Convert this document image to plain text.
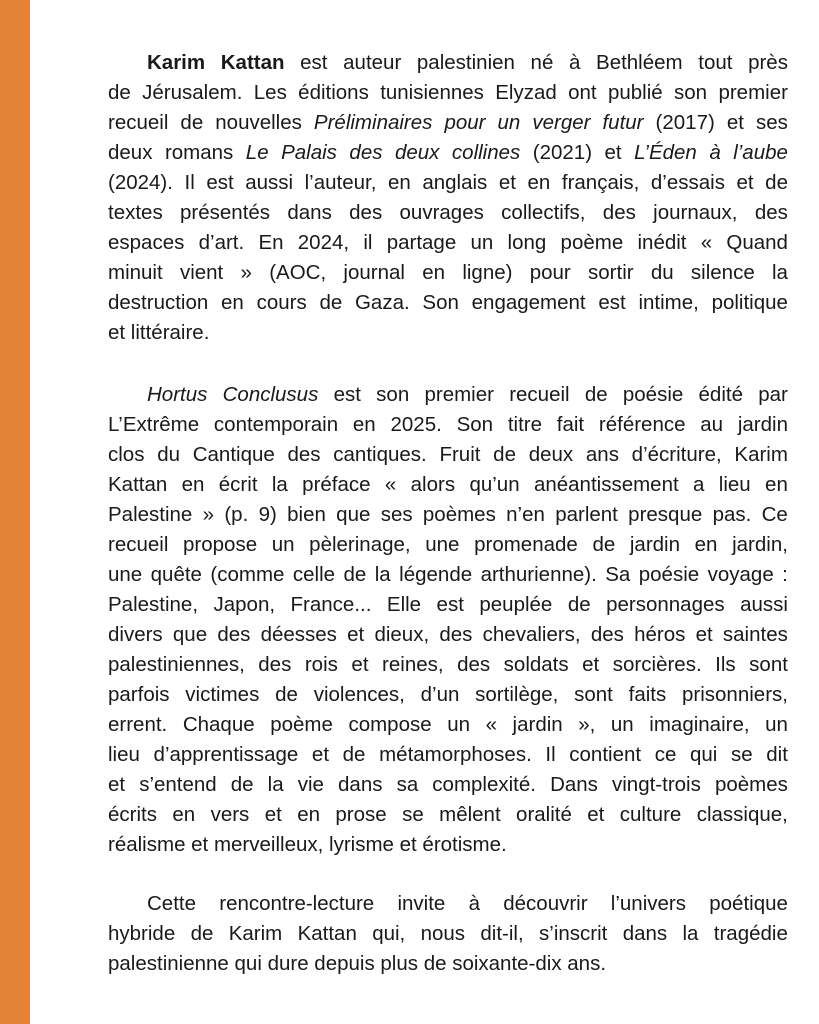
Karim Kattan est auteur palestinien né à Bethléem tout près
de Jérusalem. Les éditions tunisiennes Elyzad ont publié son premier
recueil de nouvelles Préliminaires pour un verger futur (2017) et ses
deux romans Le Palais des deux collines (2021) et L’Éden à l’aube
(2024). Il est aussi l’auteur, en anglais et en français, d’essais et de
textes présentés dans des ouvrages collectifs, des journaux, des
espaces d’art. En 2024, il partage un long poème inédit « Quand
minuit vient » (AOC, journal en ligne) pour sortir du silence la
destruction en cours de Gaza. Son engagement est intime, politique
et littéraire.
Hortus Conclusus est son premier recueil de poésie édité par
L’Extrême contemporain en 2025. Son titre fait référence au jardin
clos du Cantique des cantiques. Fruit de deux ans d’écriture, Karim
Kattan en écrit la préface « alors qu’un anéantissement a lieu en
Palestine » (p. 9) bien que ses poèmes n’en parlent presque pas. Ce
recueil propose un pèlerinage, une promenade de jardin en jardin,
une quête (comme celle de la légende arthurienne). Sa poésie voyage :
Palestine, Japon, France... Elle est peuplée de personnages aussi
divers que des déesses et dieux, des chevaliers, des héros et saintes
palestiniennes, des rois et reines, des soldats et sorcières. Ils sont
parfois victimes de violences, d’un sortilège, sont faits prisonniers,
errent. Chaque poème compose un « jardin », un imaginaire, un
lieu d’apprentissage et de métamorphoses. Il contient ce qui se dit
et s’entend de la vie dans sa complexité. Dans vingt-trois poèmes
écrits en vers et en prose se mêlent oralité et culture classique,
réalisme et merveilleux, lyrisme et érotisme.
Cette rencontre-lecture invite à découvrir l’univers poétique
hybride de Karim Kattan qui, nous dit-il, s’inscrit dans la tragédie
palestinienne qui dure depuis plus de soixante-dix ans.
